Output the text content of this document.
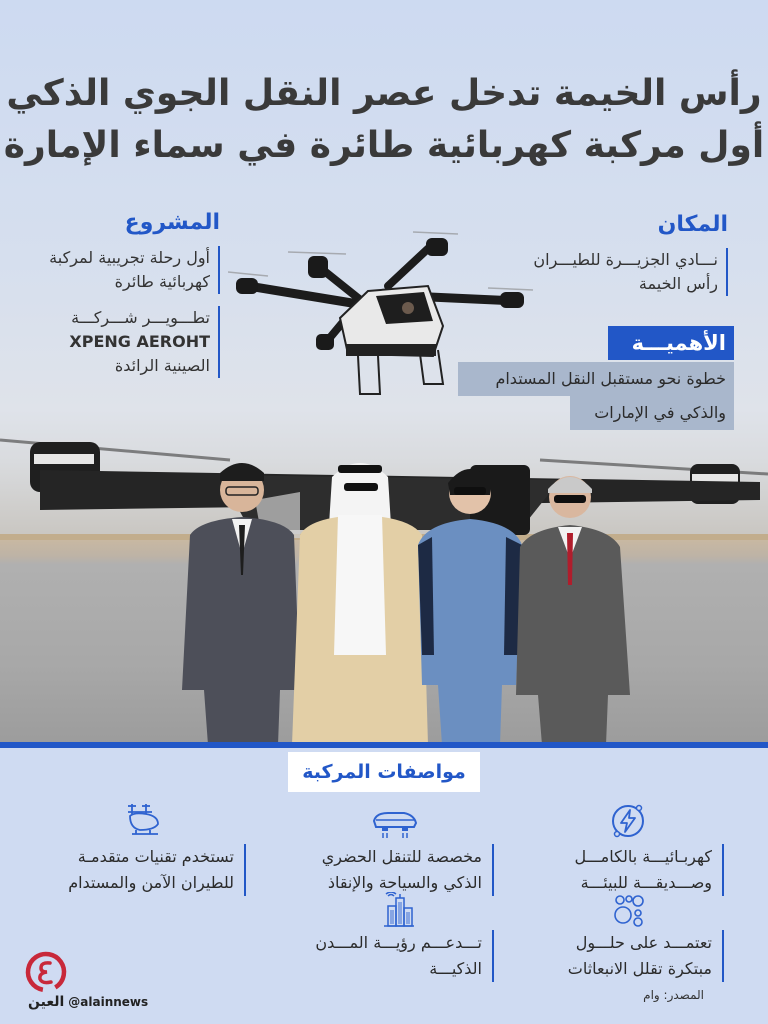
رأس الخيمة تدخل عصر النقل الجوي الذكي
أول مركبة كهربائية طائرة في سماء الإمارة
المشروع
أول رحلة تجريبية لمركبة
كهربائية طائرة
تطـــويـــر شـــركـــة
XPENG AEROHT
الصينية الرائدة
المكان
نـــادي الجزيـــرة للطيـــران
رأس الخيمة
الأهميـــة
خطوة نحو مستقبل النقل المستدام
والذكي في الإمارات
مواصفات المركبة
كهربـائيـــة بالكامـــل
وصـــديقـــة للبيئـــة
مخصصة للتنقل الحضري
الذكي والسياحة والإنقاذ
تستخدم تقنيات متقدمـة
للطيران الآمن والمستدام
تعتمـــد على حلـــول
مبتكرة تقلل الانبعاثات
تـــدعـــم رؤيـــة المـــدن
الذكيـــة
المصدر: وام
العين @alainnews
